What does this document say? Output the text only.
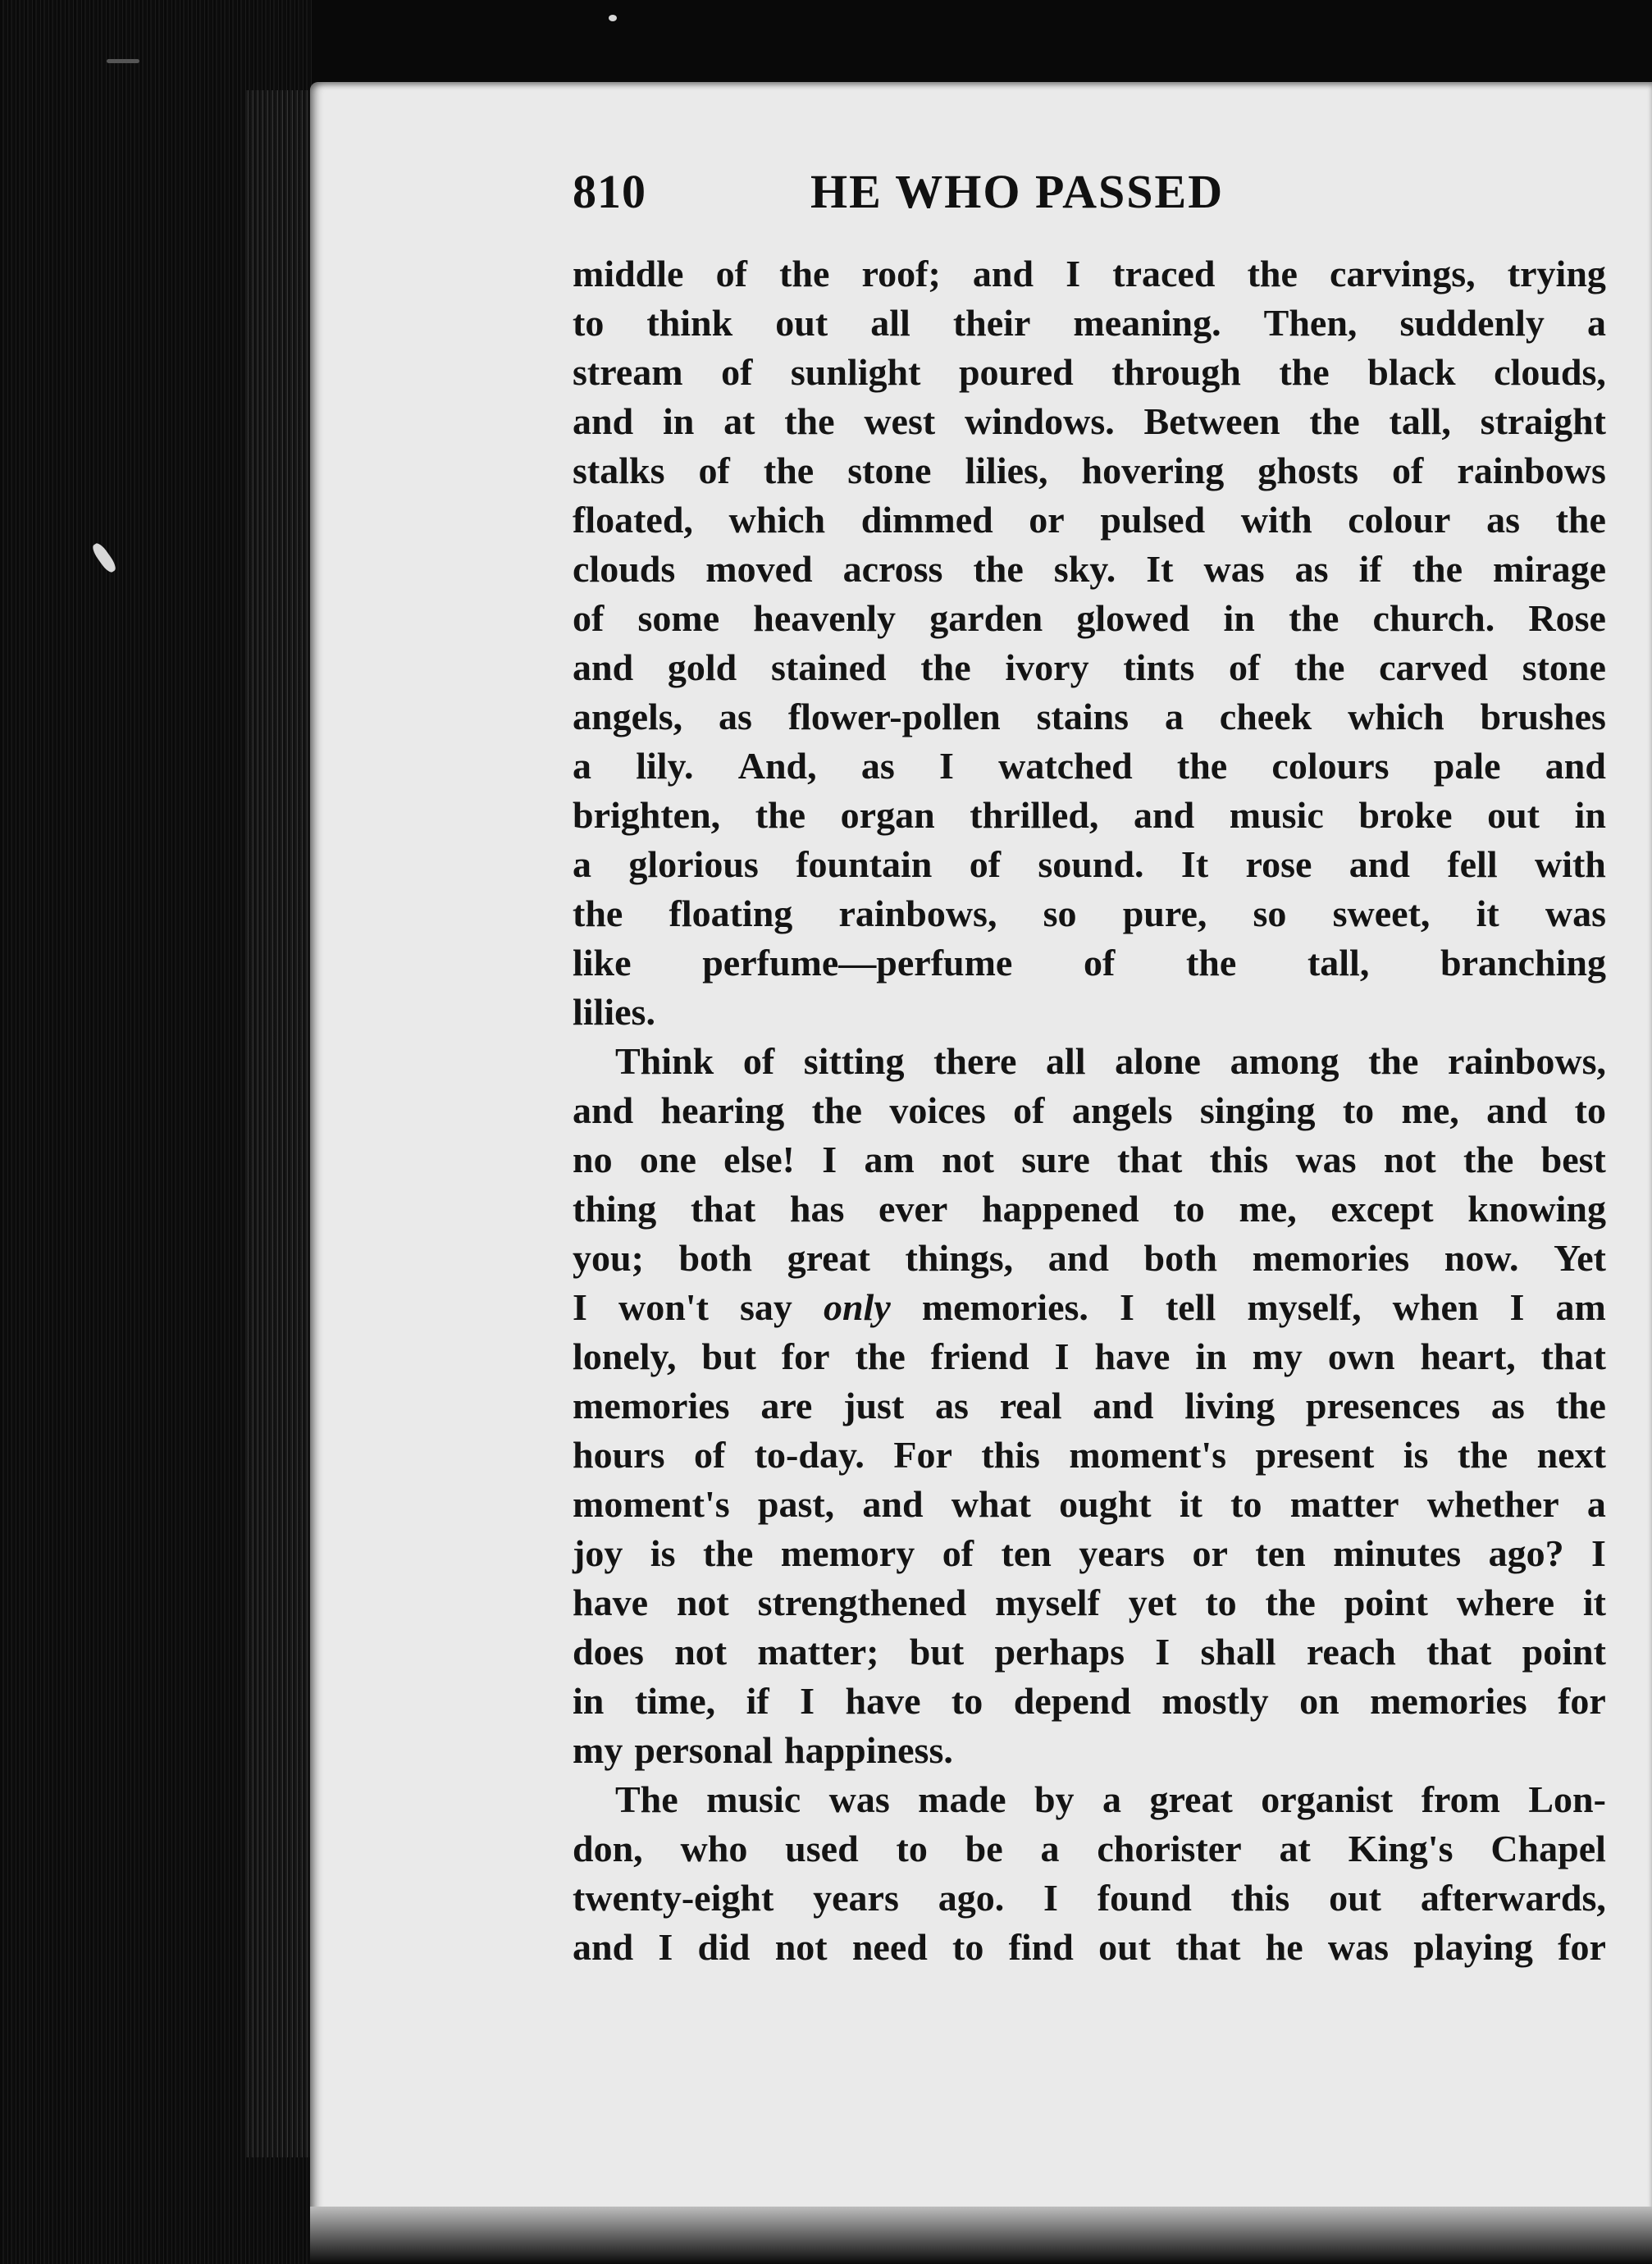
810	HE WHO PASSED
middle of the roof; and I traced the carvings, trying
to think out all their meaning. Then, suddenly a
stream of sunlight poured through the black clouds,
and in at the west windows. Between the tall, straight
stalks of the stone lilies, hovering ghosts of rainbows
floated, which dimmed or pulsed with colour as the
clouds moved across the sky. It was as if the mirage
of some heavenly garden glowed in the church. Rose
and gold stained the ivory tints of the carved stone
angels, as flower-pollen stains a cheek which brushes
a lily. And, as I watched the colours pale and
brighten, the organ thrilled, and music broke out in
a glorious fountain of sound. It rose and fell with
the floating rainbows, so pure, so sweet, it was
like perfume—perfume of the tall, branching
lilies.
Think of sitting there all alone among the rainbows,
and hearing the voices of angels singing to me, and to
no one else! I am not sure that this was not the best
thing that has ever happened to me, except knowing
you; both great things, and both memories now. Yet
I won't say only memories. I tell myself, when I am
lonely, but for the friend I have in my own heart, that
memories are just as real and living presences as the
hours of to-day. For this moment's present is the next
moment's past, and what ought it to matter whether a
joy is the memory of ten years or ten minutes ago? I
have not strengthened myself yet to the point where it
does not matter; but perhaps I shall reach that point
in time, if I have to depend mostly on memories for
my personal happiness.
The music was made by a great organist from Lon-
don, who used to be a chorister at King's Chapel
twenty-eight years ago. I found this out afterwards,
and I did not need to find out that he was playing for
